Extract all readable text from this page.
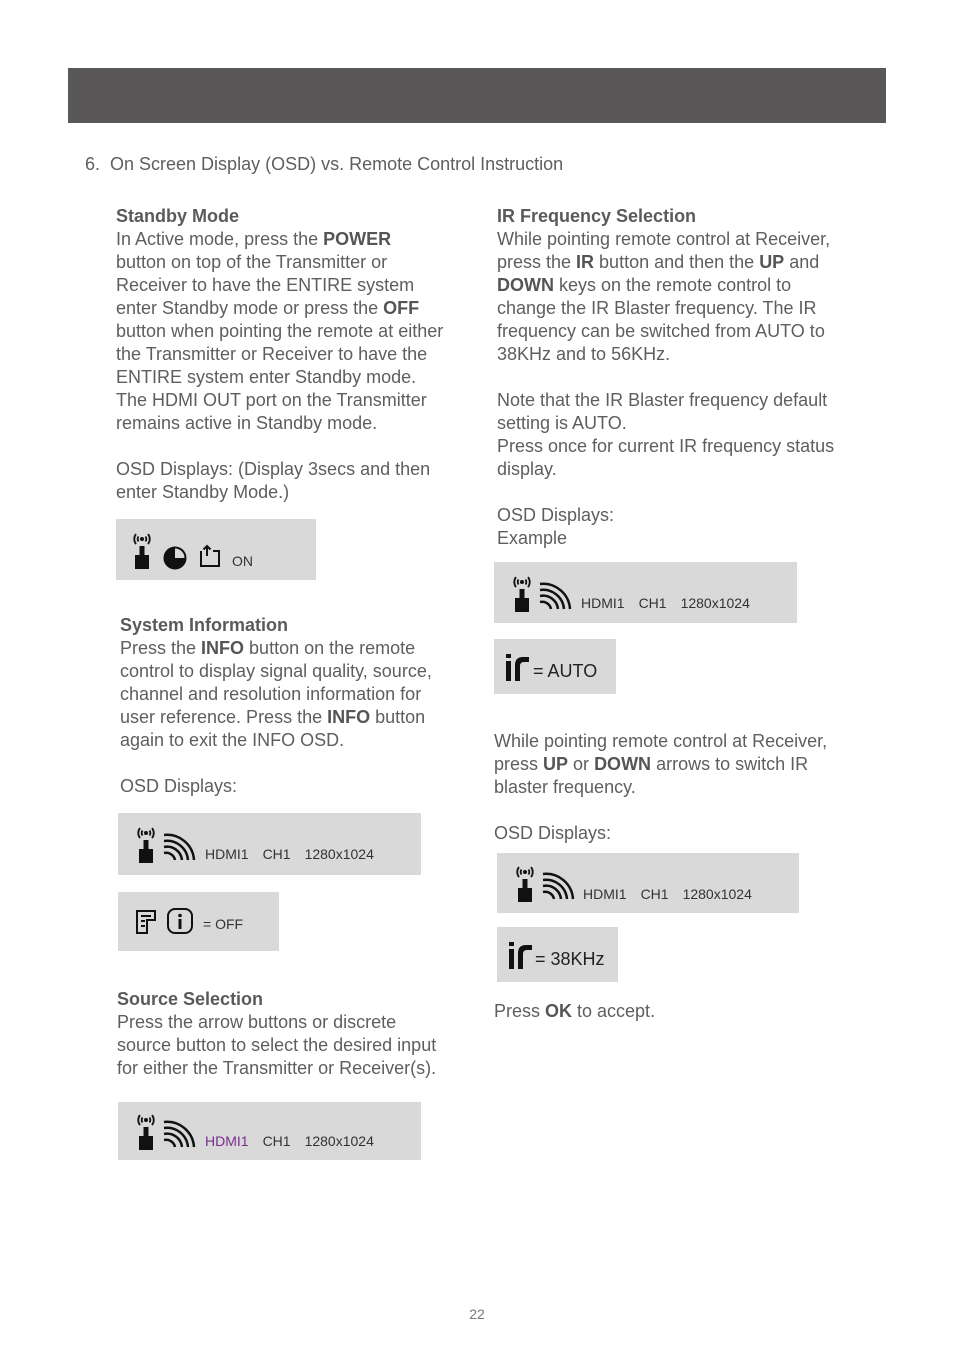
6. On Screen Display (OSD) vs. Remote Control Instruction
Standby Mode

In Active mode, press the POWER

button on top of the Transmitter or

Receiver to have the ENTIRE system

enter Standby mode or press the OFF

button when pointing the remote at either

the Transmitter or Receiver to have the

ENTIRE system enter Standby mode.

The HDMI OUT port on the Transmitter

remains active in Standby mode.

OSD Displays: (Display 3secs and then

enter Standby Mode.)

ON
System Information

Press the INFO button on the remote

control to display signal quality, source,

channel and resolution information for

user reference. Press the INFO button

again to exit the INFO OSD.

OSD Displays:

HDMI1 CH1 1280x1024
= OFF
Source Selection

Press the arrow buttons or discrete

source button to select the desired input

for either the Transmitter or Receiver(s).

HDMI1 CH1 1280x1024
IR Frequency Selection

While pointing remote control at Receiver,

press the IR button and then the UP and

DOWN keys on the remote control to

change the IR Blaster frequency. The IR

frequency can be switched from AUTO to

38KHz and to 56KHz.

Note that the IR Blaster frequency default

setting is AUTO.

Press once for current IR frequency status

display.

OSD Displays:

Example

HDMI1 CH1 1280x1024
= AUTO

While pointing remote control at Receiver,

press UP or DOWN arrows to switch IR

blaster frequency.

OSD Displays:

HDMI1 CH1 1280x1024
= 38KHz

Press OK to accept.

22
